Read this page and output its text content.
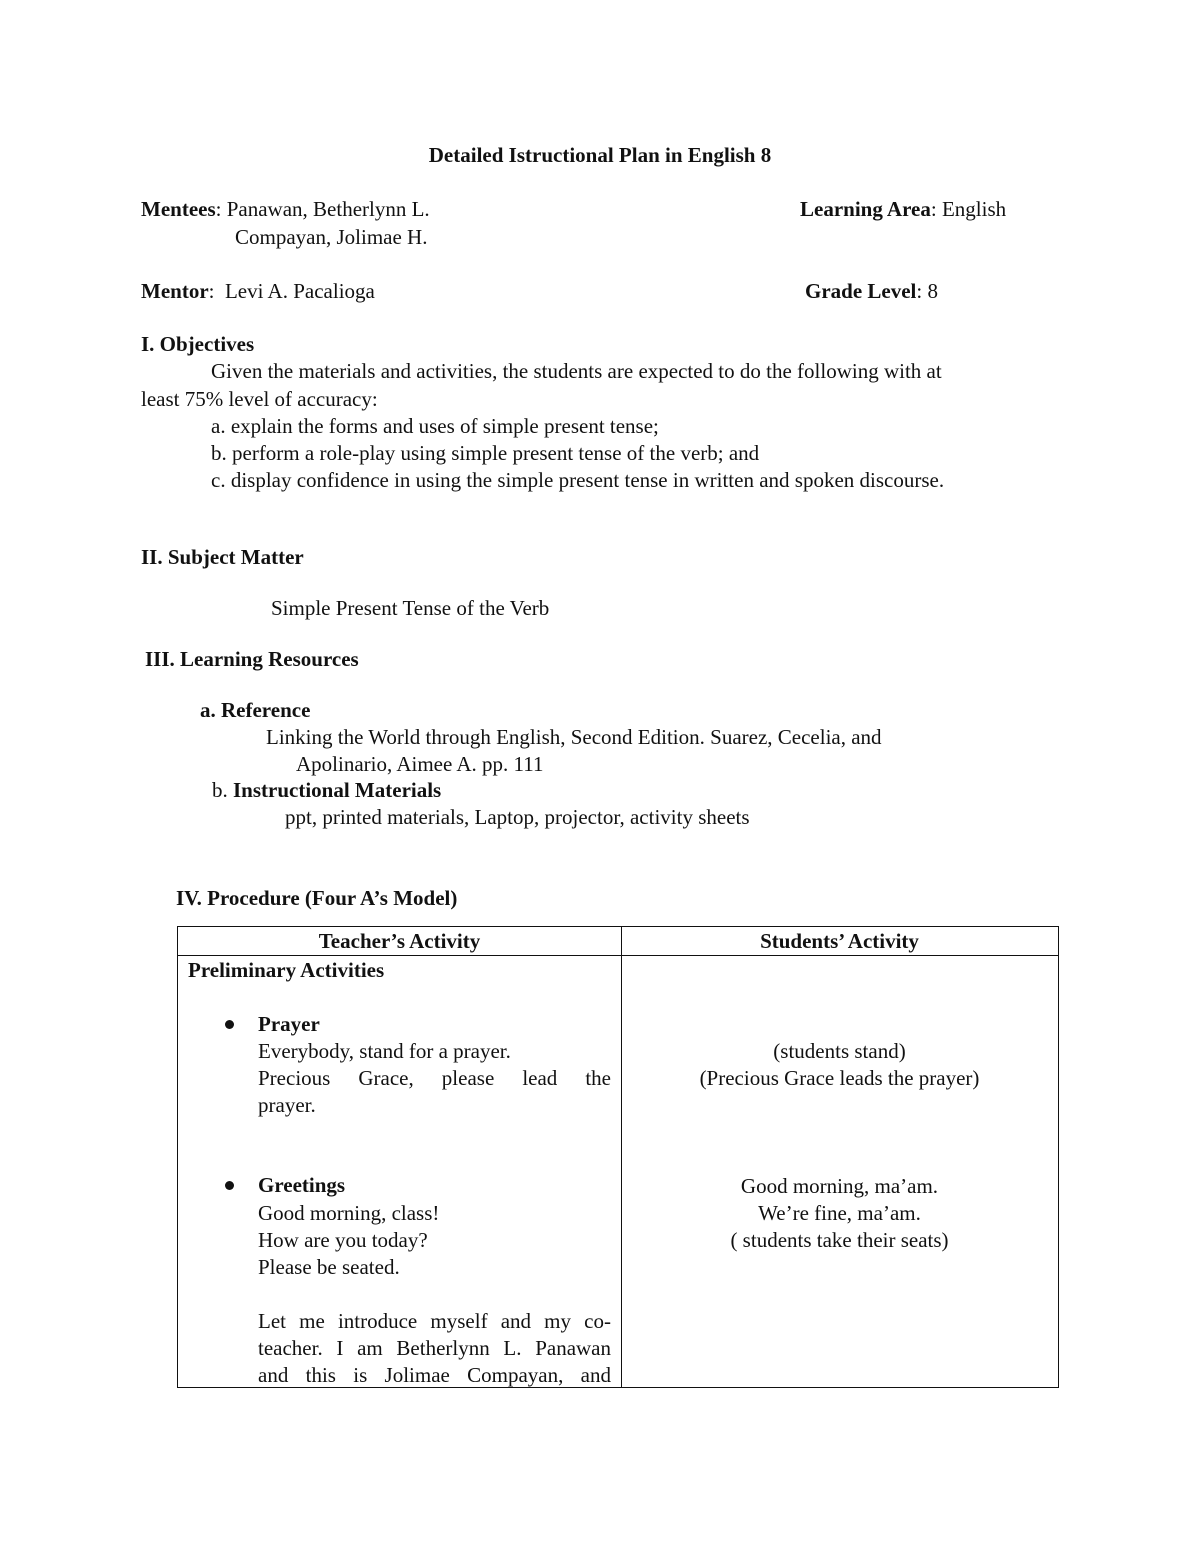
Detailed Istructional Plan in English 8
Mentees: Panawan, Betherlynn L.
Compayan, Jolimae H.
Learning Area: English
Mentor:  Levi A. Pacalioga	Grade Level: 8
I. Objectives
Given the materials and activities, the students are expected to do the following with at
least 75% level of accuracy:
a. explain the forms and uses of simple present tense;
b. perform a role-play using simple present tense of the verb; and
c. display confidence in using the simple present tense in written and spoken discourse.
II. Subject Matter
Simple Present Tense of the Verb
III. Learning Resources
a. Reference
Linking the World through English, Second Edition. Suarez, Cecelia, and
Apolinario, Aimee A. pp. 111
b. Instructional Materials
ppt, printed materials, Laptop, projector, activity sheets
IV. Procedure (Four A’s Model)
Teacher’s Activity	Students’ Activity
Preliminary Activities
Prayer
Everybody, stand for a prayer.
Precious Grace, please lead the
prayer.
(students stand)
(Precious Grace leads the prayer)
Greetings
Good morning, class!
How are you today?
Please be seated.
Let me introduce myself and my co-
teacher. I am Betherlynn L. Panawan
and this is Jolimae Compayan, and
Good morning, ma’am.
We’re fine, ma’am.
( students take their seats)
